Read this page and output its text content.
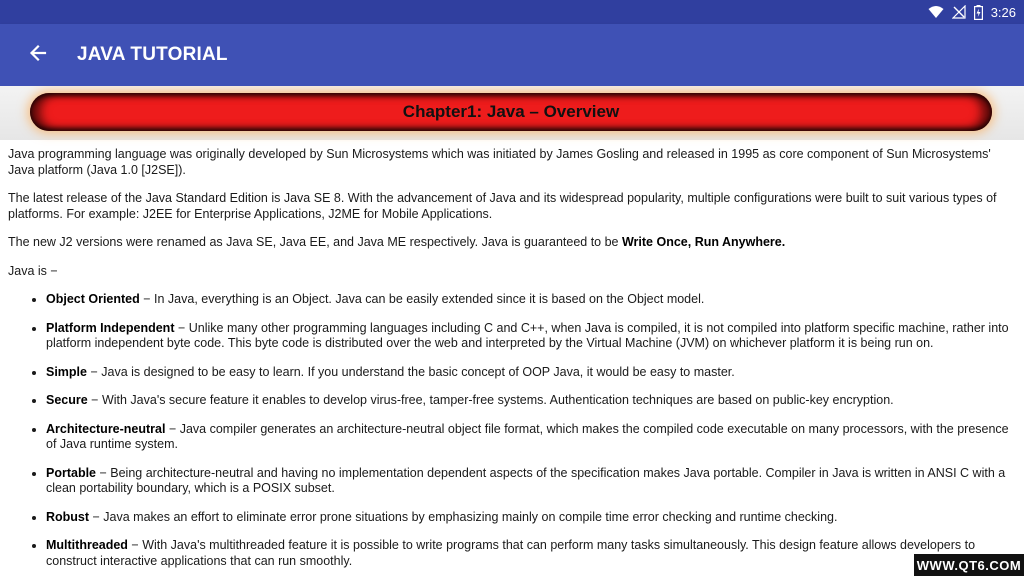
3:26
JAVA TUTORIAL
Chapter1: Java – Overview

Java programming language was originally developed by Sun Microsystems which was initiated by James Gosling and released in 1995 as core component of Sun Microsystems' Java platform (Java 1.0 [J2SE]).

The latest release of the Java Standard Edition is Java SE 8. With the advancement of Java and its widespread popularity, multiple configurations were built to suit various types of platforms. For example: J2EE for Enterprise Applications, J2ME for Mobile Applications.

The new J2 versions were renamed as Java SE, Java EE, and Java ME respectively. Java is guaranteed to be Write Once, Run Anywhere.

Java is −

• Object Oriented − In Java, everything is an Object. Java can be easily extended since it is based on the Object model.
• Platform Independent − Unlike many other programming languages including C and C++, when Java is compiled, it is not compiled into platform specific machine, rather into platform independent byte code. This byte code is distributed over the web and interpreted by the Virtual Machine (JVM) on whichever platform it is being run on.
• Simple − Java is designed to be easy to learn. If you understand the basic concept of OOP Java, it would be easy to master.
• Secure − With Java's secure feature it enables to develop virus-free, tamper-free systems. Authentication techniques are based on public-key encryption.
• Architecture-neutral − Java compiler generates an architecture-neutral object file format, which makes the compiled code executable on many processors, with the presence of Java runtime system.
• Portable − Being architecture-neutral and having no implementation dependent aspects of the specification makes Java portable. Compiler in Java is written in ANSI C with a clean portability boundary, which is a POSIX subset.
• Robust − Java makes an effort to eliminate error prone situations by emphasizing mainly on compile time error checking and runtime checking.
• Multithreaded − With Java's multithreaded feature it is possible to write programs that can perform many tasks simultaneously. This design feature allows developers to construct interactive applications that can run smoothly.	WWW.QT6.COM
